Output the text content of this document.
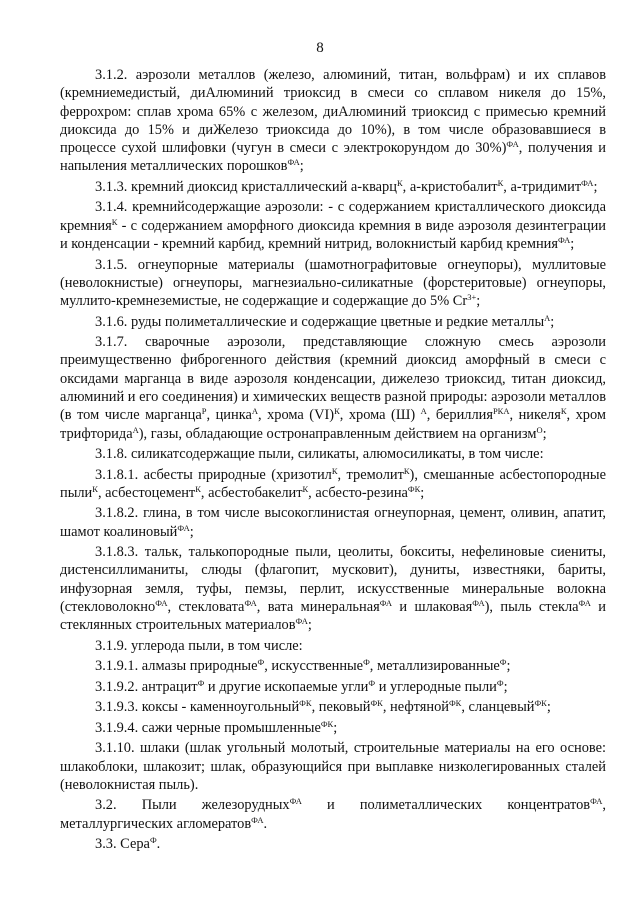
8

3.1.2. аэрозоли металлов (железо, алюминий, титан, вольфрам) и их сплавов (кремниемедистый, диАлюминий триоксид в смеси со сплавом никеля до 15%, феррохром: сплав хрома 65% с железом, диАлюминий триоксид с примесью кремний диоксида до 15% и диЖелезо триоксида до 10%), в том числе образовавшиеся в процессе сухой шлифовки (чугун в смеси с электрокорундом до 30%)$^{ФА}$, получения и напыления металлических порошков$^{ФА}$;

3.1.3. кремний диоксид кристаллический а-кварц$^К$, а-кристобалит$^К$, а-тридимит$^{ФА}$;

3.1.4. кремнийсодержащие аэрозоли: - с содержанием кристаллического диоксида кремния$^К$ - с содержанием аморфного диоксида кремния в виде аэрозоля дезинтеграции и конденсации - кремний карбид, кремний нитрид, волокнистый карбид кремния$^{ФА}$;

3.1.5. огнеупорные материалы (шамотнографитовые огнеупоры), муллитовые (неволокнистые) огнеупоры, магнезиально-силикатные (форстеритовые) огнеупоры, муллито-кремнеземистые, не содержащие и содержащие до 5% $Cr^{3+}$;

3.1.6. руды полиметаллические и содержащие цветные и редкие металлы$^А$;

3.1.7. сварочные аэрозоли, представляющие сложную смесь аэрозоли преимущественно фиброгенного действия (кремний диоксид аморфный в смеси с оксидами марганца в виде аэрозоля конденсации, дижелезо триоксид, титан диоксид, алюминий и его соединения) и химических веществ разной природы: аэрозоли металлов (в том числе марганца$^Р$, цинка$^А$, хрома (VI)$^К$, хрома (Ш) $^А$, бериллия$^{РКА}$, никеля$^К$, хром трифторида$^А$), газы, обладающие остронаправленным действием на организм$^О$;

3.1.8. силикатсодержащие пыли, силикаты, алюмосиликаты, в том числе:

3.1.8.1. асбесты природные (хризотил$^К$, тремолит$^К$), смешанные асбестопородные пыли$^К$, асбестоцемент$^К$, асбестобакелит$^К$, асбесто-резина$^{ФК}$;

3.1.8.2. глина, в том числе высокоглинистая огнеупорная, цемент, оливин, апатит, шамот коалиновый$^{ФА}$;

3.1.8.3. тальк, талькопородные пыли, цеолиты, бокситы, нефелиновые сиениты, дистенсиллиманиты, слюды (флагопит, мусковит), дуниты, известняки, бариты, инфузорная земля, туфы, пемзы, перлит, искусственные минеральные волокна (стекловолокно$^{ФА}$, стекловата$^{ФА}$, вата минеральная$^{ФА}$ и шлаковая$^{ФА}$), пыль стекла$^{ФА}$ и стеклянных строительных материалов$^{ФА}$;

3.1.9. углерода пыли, в том числе:

3.1.9.1. алмазы природные$^Ф$, искусственные$^Ф$, металлизированные$^Ф$;

3.1.9.2. антрацит$^Ф$ и другие ископаемые угли$^Ф$ и углеродные пыли$^Ф$;

3.1.9.3. коксы - каменноугольный$^{ФК}$, пековый$^{ФК}$, нефтяной$^{ФК}$, сланцевый$^{ФК}$;

3.1.9.4. сажи черные промышленные$^{ФК}$;

3.1.10. шлаки (шлак угольный молотый, строительные материалы на его основе: шлакоблоки, шлакозит; шлак, образующийся при выплавке низколегированных сталей (неволокнистая пыль).

3.2. Пыли железорудных$^{ФА}$ и полиметаллических концентратов$^{ФА}$, металлургических агломератов$^{ФА}$.

3.3. Сера$^Ф$.
